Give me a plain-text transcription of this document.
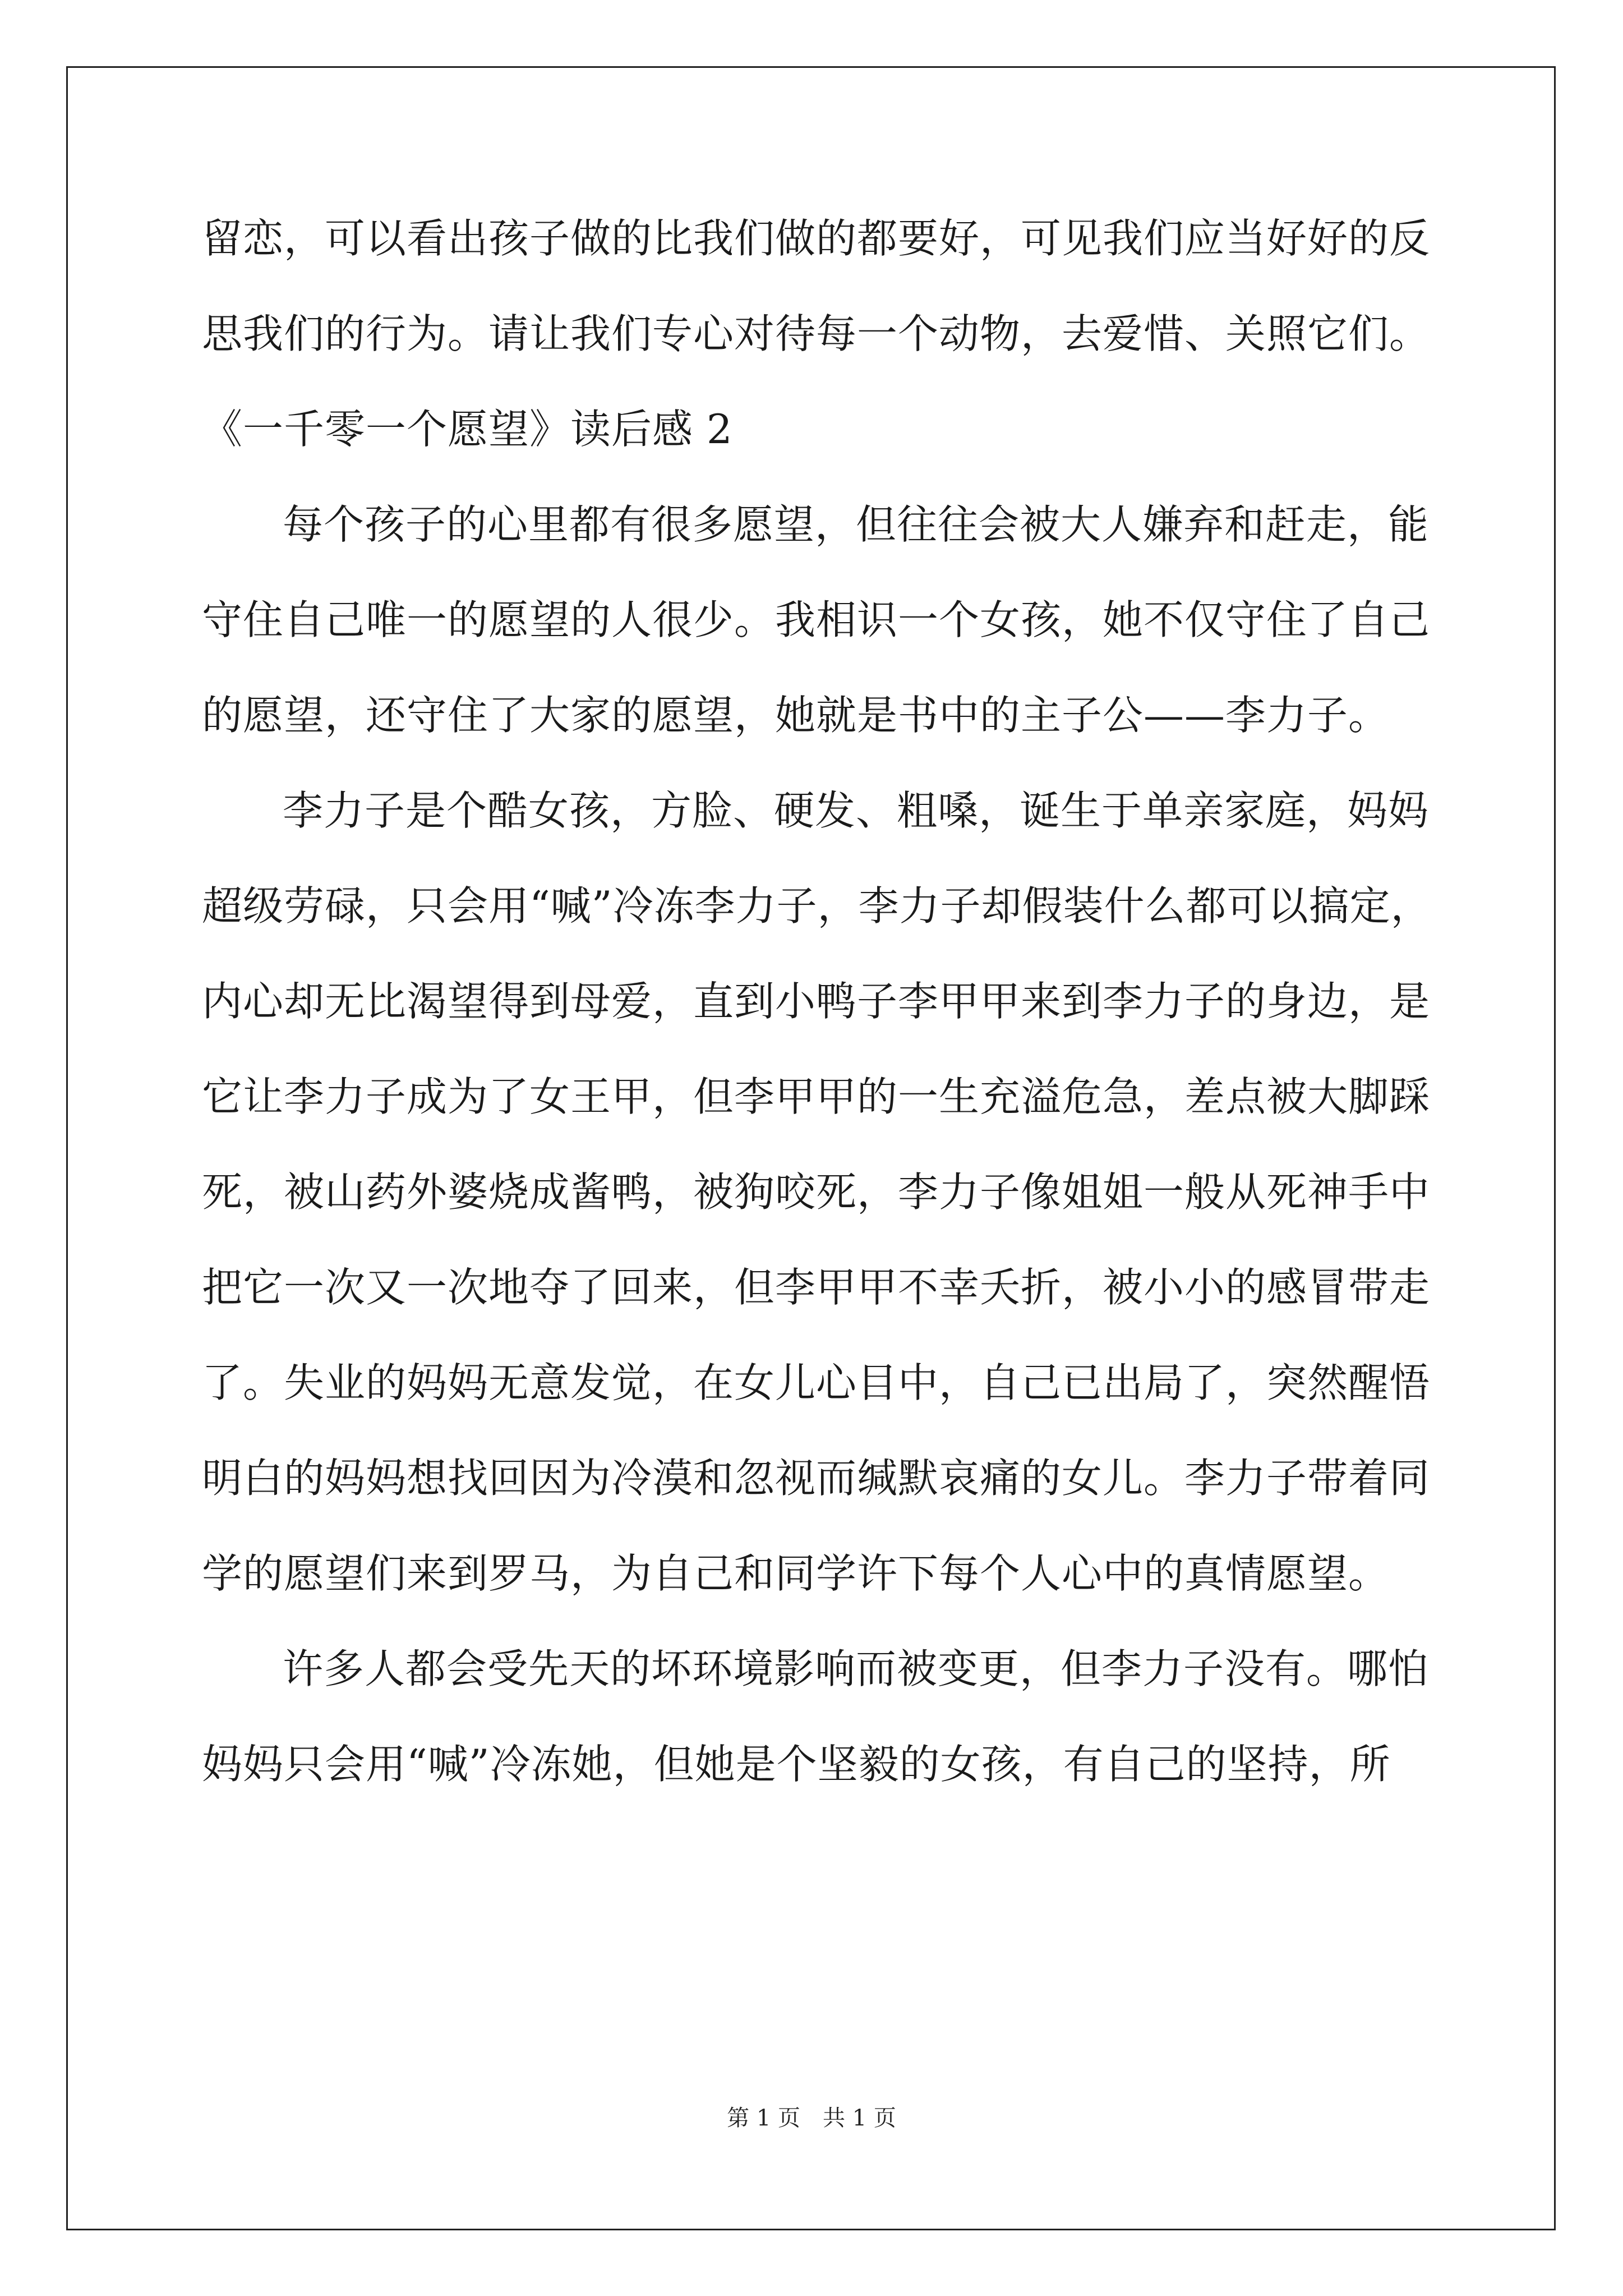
留恋，可以看出孩子做的比我们做的都要好，可见我们应当好好的反
思我们的行为。请让我们专心对待每一个动物，去爱惜、关照它们。
《一千零一个愿望》读后感 2
每个孩子的心里都有很多愿望，但往往会被大人嫌弃和赶走，能
守住自己唯一的愿望的人很少。我相识一个女孩，她不仅守住了自己
的愿望，还守住了大家的愿望，她就是书中的主子公——李力子。
李力子是个酷女孩，方脸、硬发、粗嗓，诞生于单亲家庭，妈妈
超级劳碌，只会用“喊”冷冻李力子，李力子却假装什么都可以搞定，
内心却无比渴望得到母爱，直到小鸭子李甲甲来到李力子的身边，是
它让李力子成为了女王甲，但李甲甲的一生充溢危急，差点被大脚踩
死，被山药外婆烧成酱鸭，被狗咬死，李力子像姐姐一般从死神手中
把它一次又一次地夺了回来，但李甲甲不幸夭折，被小小的感冒带走
了。失业的妈妈无意发觉，在女儿心目中，自己已出局了，突然醒悟
明白的妈妈想找回因为冷漠和忽视而缄默哀痛的女儿。李力子带着同
学的愿望们来到罗马，为自己和同学许下每个人心中的真情愿望。
许多人都会受先天的坏环境影响而被变更，但李力子没有。哪怕
妈妈只会用“喊”冷冻她，但她是个坚毅的女孩，有自己的坚持，所
第 1 页　共 1 页
